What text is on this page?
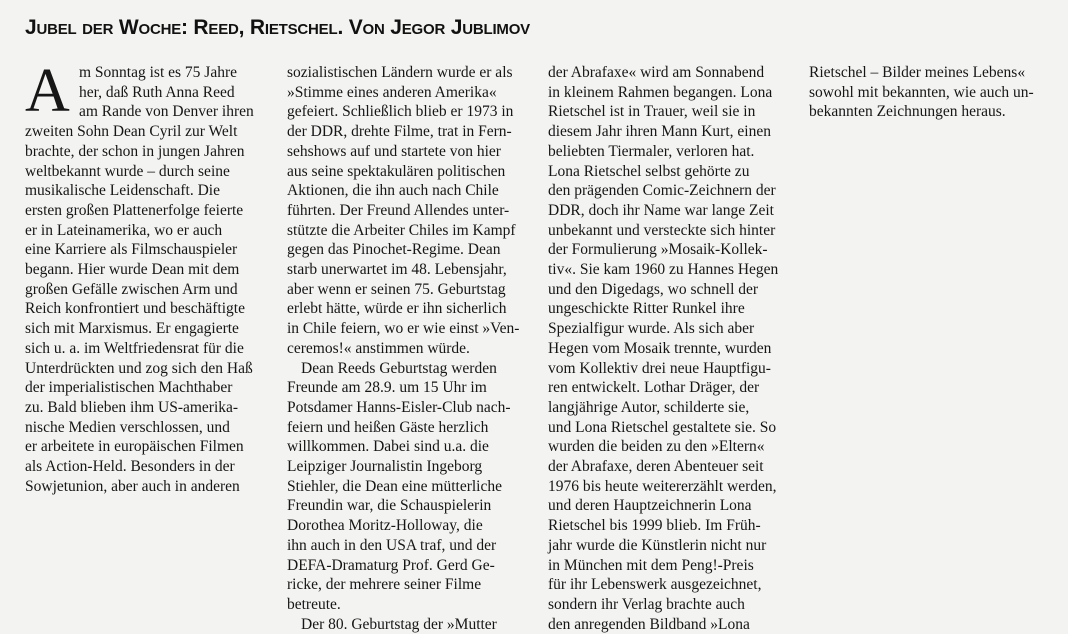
Jubel der Woche: Reed, Rietschel. Von Jegor Jublimov
A m Sonntag ist es 75 Jahre
her, daß Ruth Anna Reed
am Rande von Denver ihren
zweiten Sohn Dean Cyril zur Welt
brachte, der schon in jungen Jahren
weltbekannt wurde – durch seine
musikalische Leidenschaft. Die
ersten großen Plattenerfolge feierte
er in Lateinamerika, wo er auch
eine Karriere als Filmschauspieler
begann. Hier wurde Dean mit dem
großen Gefälle zwischen Arm und
Reich konfrontiert und beschäftigte
sich mit Marxismus. Er engagierte
sich u. a. im Weltfriedensrat für die
Unterdrückten und zog sich den Haß
der imperialistischen Machthaber
zu. Bald blieben ihm US-amerika-
nische Medien verschlossen, und
er arbeitete in europäischen Filmen
als Action-Held. Besonders in der
Sowjetunion, aber auch in anderen
sozialistischen Ländern wurde er als
»Stimme eines anderen Amerika«
gefeiert. Schließlich blieb er 1973 in
der DDR, drehte Filme, trat in Fern-
sehshows auf und startete von hier
aus seine spektakulären politischen
Aktionen, die ihn auch nach Chile
führten. Der Freund Allendes unter-
stützte die Arbeiter Chiles im Kampf
gegen das Pinochet-Regime. Dean
starb unerwartet im 48. Lebensjahr,
aber wenn er seinen 75. Geburtstag
erlebt hätte, würde er ihn sicherlich
in Chile feiern, wo er wie einst »Ven-
ceremos!« anstimmen würde.
Dean Reeds Geburtstag werden
Freunde am 28.9. um 15 Uhr im
Potsdamer Hanns-Eisler-Club nach-
feiern und heißen Gäste herzlich
willkommen. Dabei sind u.a. die
Leipziger Journalistin Ingeborg
Stiehler, die Dean eine mütterliche
Freundin war, die Schauspielerin
Dorothea Moritz-Holloway, die
ihn auch in den USA traf, und der
DEFA-Dramaturg Prof. Gerd Ge-
ricke, der mehrere seiner Filme
betreute.
Der 80. Geburtstag der »Mutter
der Abrafaxe« wird am Sonnabend
in kleinem Rahmen begangen. Lona
Rietschel ist in Trauer, weil sie in
diesem Jahr ihren Mann Kurt, einen
beliebten Tiermaler, verloren hat.
Lona Rietschel selbst gehörte zu
den prägenden Comic-Zeichnern der
DDR, doch ihr Name war lange Zeit
unbekannt und versteckte sich hinter
der Formulierung »Mosaik-Kollek-
tiv«. Sie kam 1960 zu Hannes Hegen
und den Digedags, wo schnell der
ungeschickte Ritter Runkel ihre
Spezialfigur wurde. Als sich aber
Hegen vom Mosaik trennte, wurden
vom Kollektiv drei neue Hauptfigu-
ren entwickelt. Lothar Dräger, der
langjährige Autor, schilderte sie,
und Lona Rietschel gestaltete sie. So
wurden die beiden zu den »Eltern«
der Abrafaxe, deren Abenteuer seit
1976 bis heute weitererzählt werden,
und deren Hauptzeichnerin Lona
Rietschel bis 1999 blieb. Im Früh-
jahr wurde die Künstlerin nicht nur
in München mit dem Peng!-Preis
für ihr Lebenswerk ausgezeichnet,
sondern ihr Verlag brachte auch
den anregenden Bildband »Lona
Rietschel – Bilder meines Lebens«
sowohl mit bekannten, wie auch un-
bekannten Zeichnungen heraus.
